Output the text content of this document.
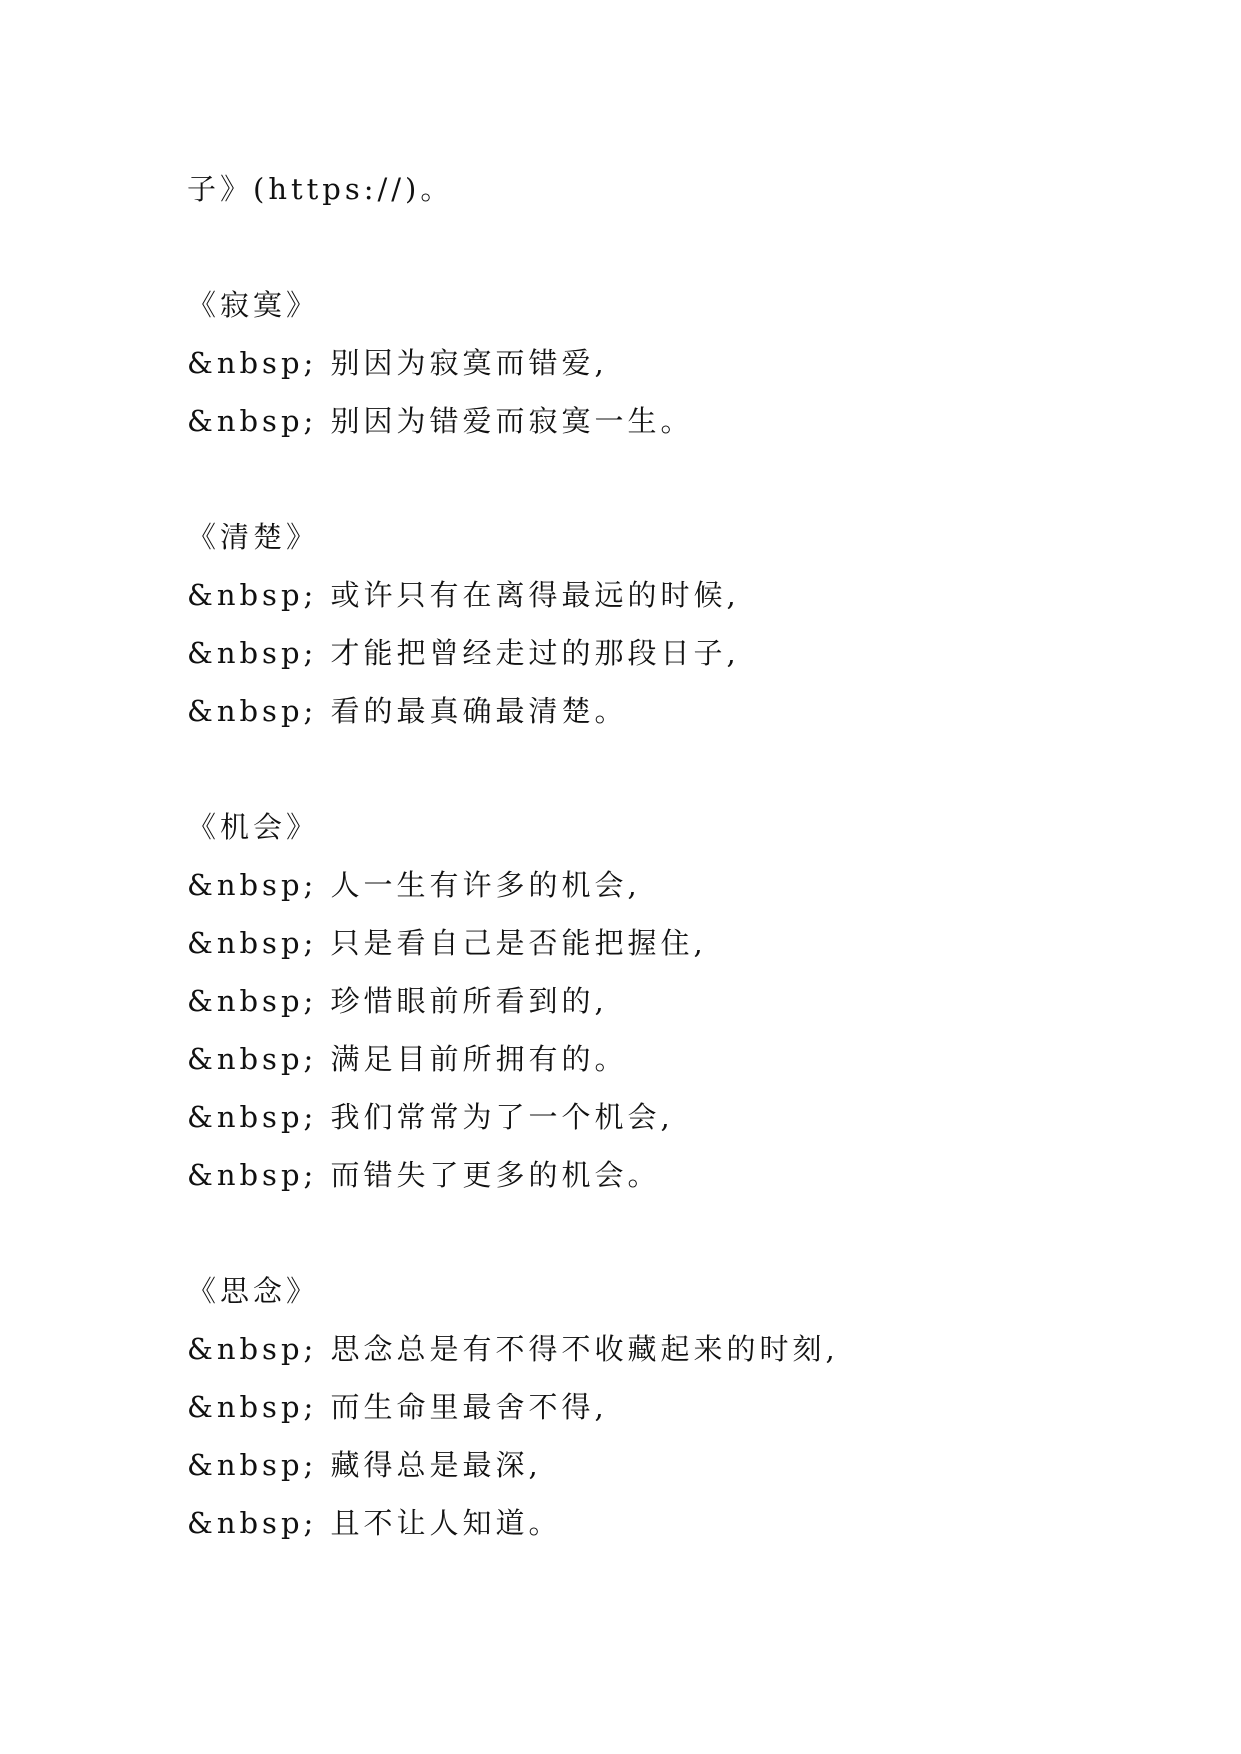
子》(https://)。
《寂寞》
&nbsp; 别因为寂寞而错爱,
&nbsp; 别因为错爱而寂寞一生。
《清楚》
&nbsp; 或许只有在离得最远的时候,
&nbsp; 才能把曾经走过的那段日子,
&nbsp; 看的最真确最清楚。
《机会》
&nbsp; 人一生有许多的机会,
&nbsp; 只是看自己是否能把握住,
&nbsp; 珍惜眼前所看到的,
&nbsp; 满足目前所拥有的。
&nbsp; 我们常常为了一个机会,
&nbsp; 而错失了更多的机会。
《思念》
&nbsp; 思念总是有不得不收藏起来的时刻,
&nbsp; 而生命里最舍不得,
&nbsp; 藏得总是最深,
&nbsp; 且不让人知道。
